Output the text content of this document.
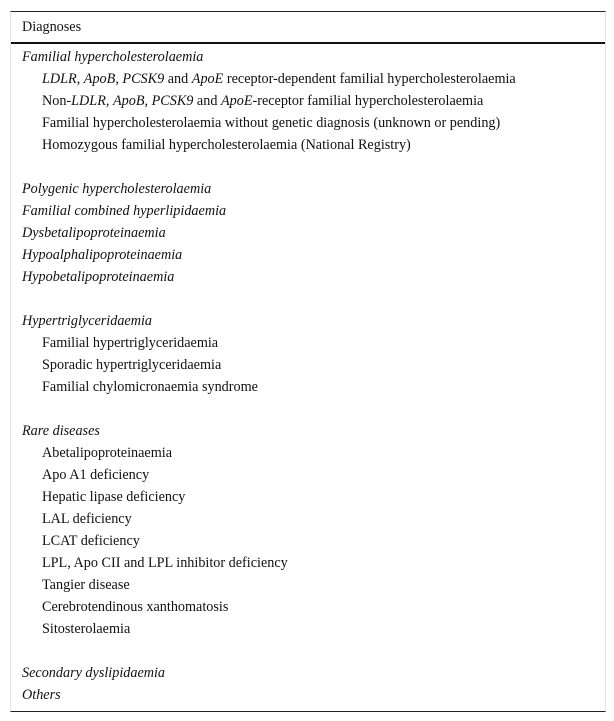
Diagnoses
Familial hypercholesterolaemia
LDLR, ApoB, PCSK9 and ApoE receptor-dependent familial hypercholesterolaemia
Non-LDLR, ApoB, PCSK9 and ApoE-receptor familial hypercholesterolaemia
Familial hypercholesterolaemia without genetic diagnosis (unknown or pending)
Homozygous familial hypercholesterolaemia (National Registry)
Polygenic hypercholesterolaemia
Familial combined hyperlipidaemia
Dysbetalipoproteinaemia
Hypoalphalipoproteinaemia
Hypobetalipoproteinaemia
Hypertriglyceridaemia
Familial hypertriglyceridaemia
Sporadic hypertriglyceridaemia
Familial chylomicronaemia syndrome
Rare diseases
Abetalipoproteinaemia
Apo A1 deficiency
Hepatic lipase deficiency
LAL deficiency
LCAT deficiency
LPL, Apo CII and LPL inhibitor deficiency
Tangier disease
Cerebrotendinous xanthomatosis
Sitosterolaemia
Secondary dyslipidaemia
Others
